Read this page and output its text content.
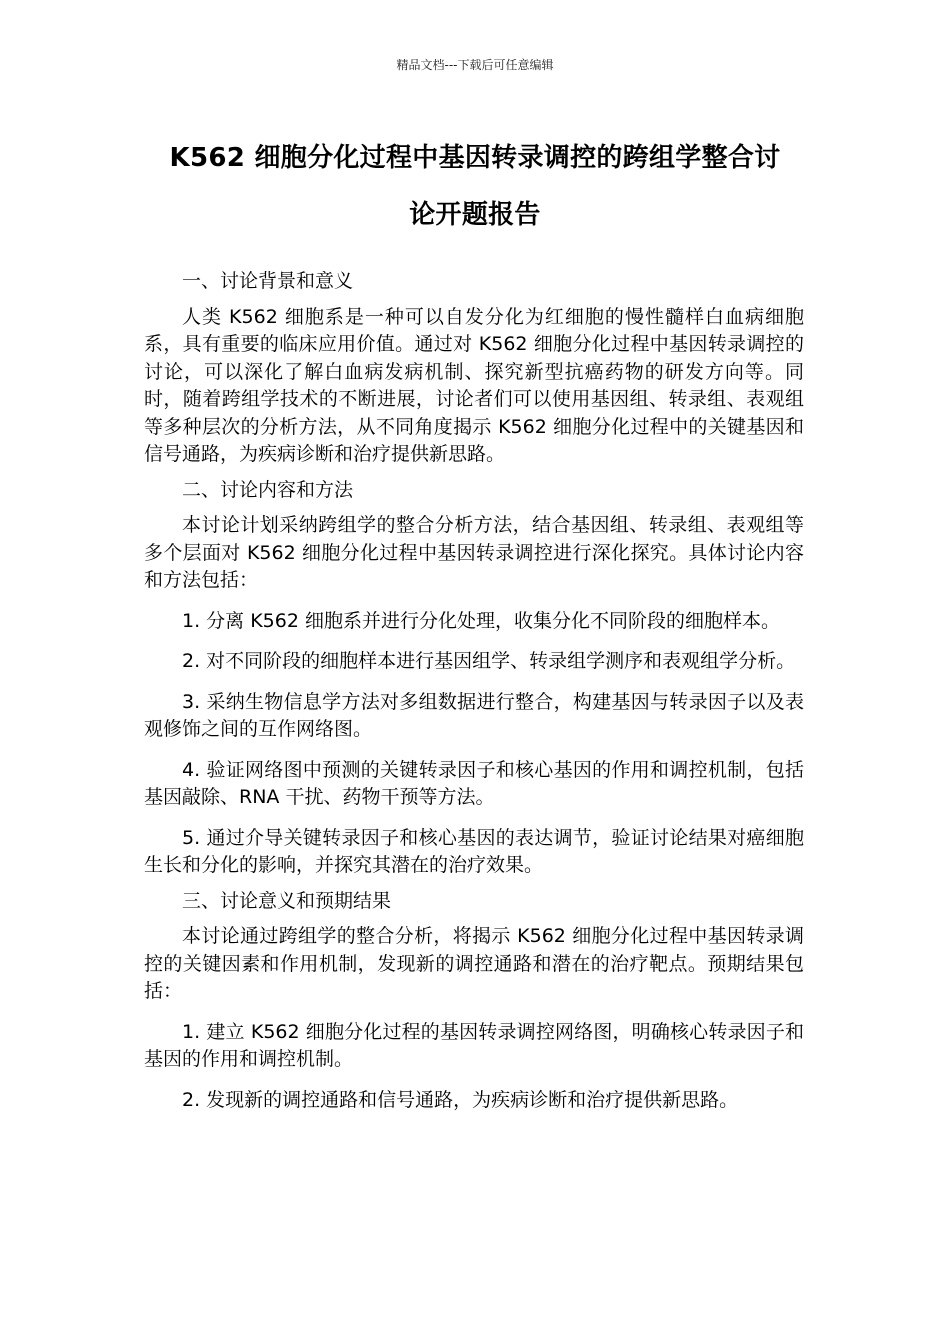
精品文档---下载后可任意编辑
K562 细胞分化过程中基因转录调控的跨组学整合讨
论开题报告

一、讨论背景和意义

人类 K562 细胞系是一种可以自发分化为红细胞的慢性髓样白血病细胞系，具有重要的临床应用价值。通过对 K562 细胞分化过程中基因转录调控的讨论，可以深化了解白血病发病机制、探究新型抗癌药物的研发方向等。同时，随着跨组学技术的不断进展，讨论者们可以使用基因组、转录组、表观组等多种层次的分析方法，从不同角度揭示 K562 细胞分化过程中的关键基因和信号通路，为疾病诊断和治疗提供新思路。

二、讨论内容和方法

本讨论计划采纳跨组学的整合分析方法，结合基因组、转录组、表观组等多个层面对 K562 细胞分化过程中基因转录调控进行深化探究。具体讨论内容和方法包括：

1. 分离 K562 细胞系并进行分化处理，收集分化不同阶段的细胞样本。

2. 对不同阶段的细胞样本进行基因组学、转录组学测序和表观组学分析。

3. 采纳生物信息学方法对多组数据进行整合，构建基因与转录因子以及表观修饰之间的互作网络图。

4. 验证网络图中预测的关键转录因子和核心基因的作用和调控机制，包括基因敲除、RNA 干扰、药物干预等方法。

5. 通过介导关键转录因子和核心基因的表达调节，验证讨论结果对癌细胞生长和分化的影响，并探究其潜在的治疗效果。

三、讨论意义和预期结果

本讨论通过跨组学的整合分析，将揭示 K562 细胞分化过程中基因转录调控的关键因素和作用机制，发现新的调控通路和潜在的治疗靶点。预期结果包括：

1. 建立 K562 细胞分化过程的基因转录调控网络图，明确核心转录因子和基因的作用和调控机制。

2. 发现新的调控通路和信号通路，为疾病诊断和治疗提供新思路。
